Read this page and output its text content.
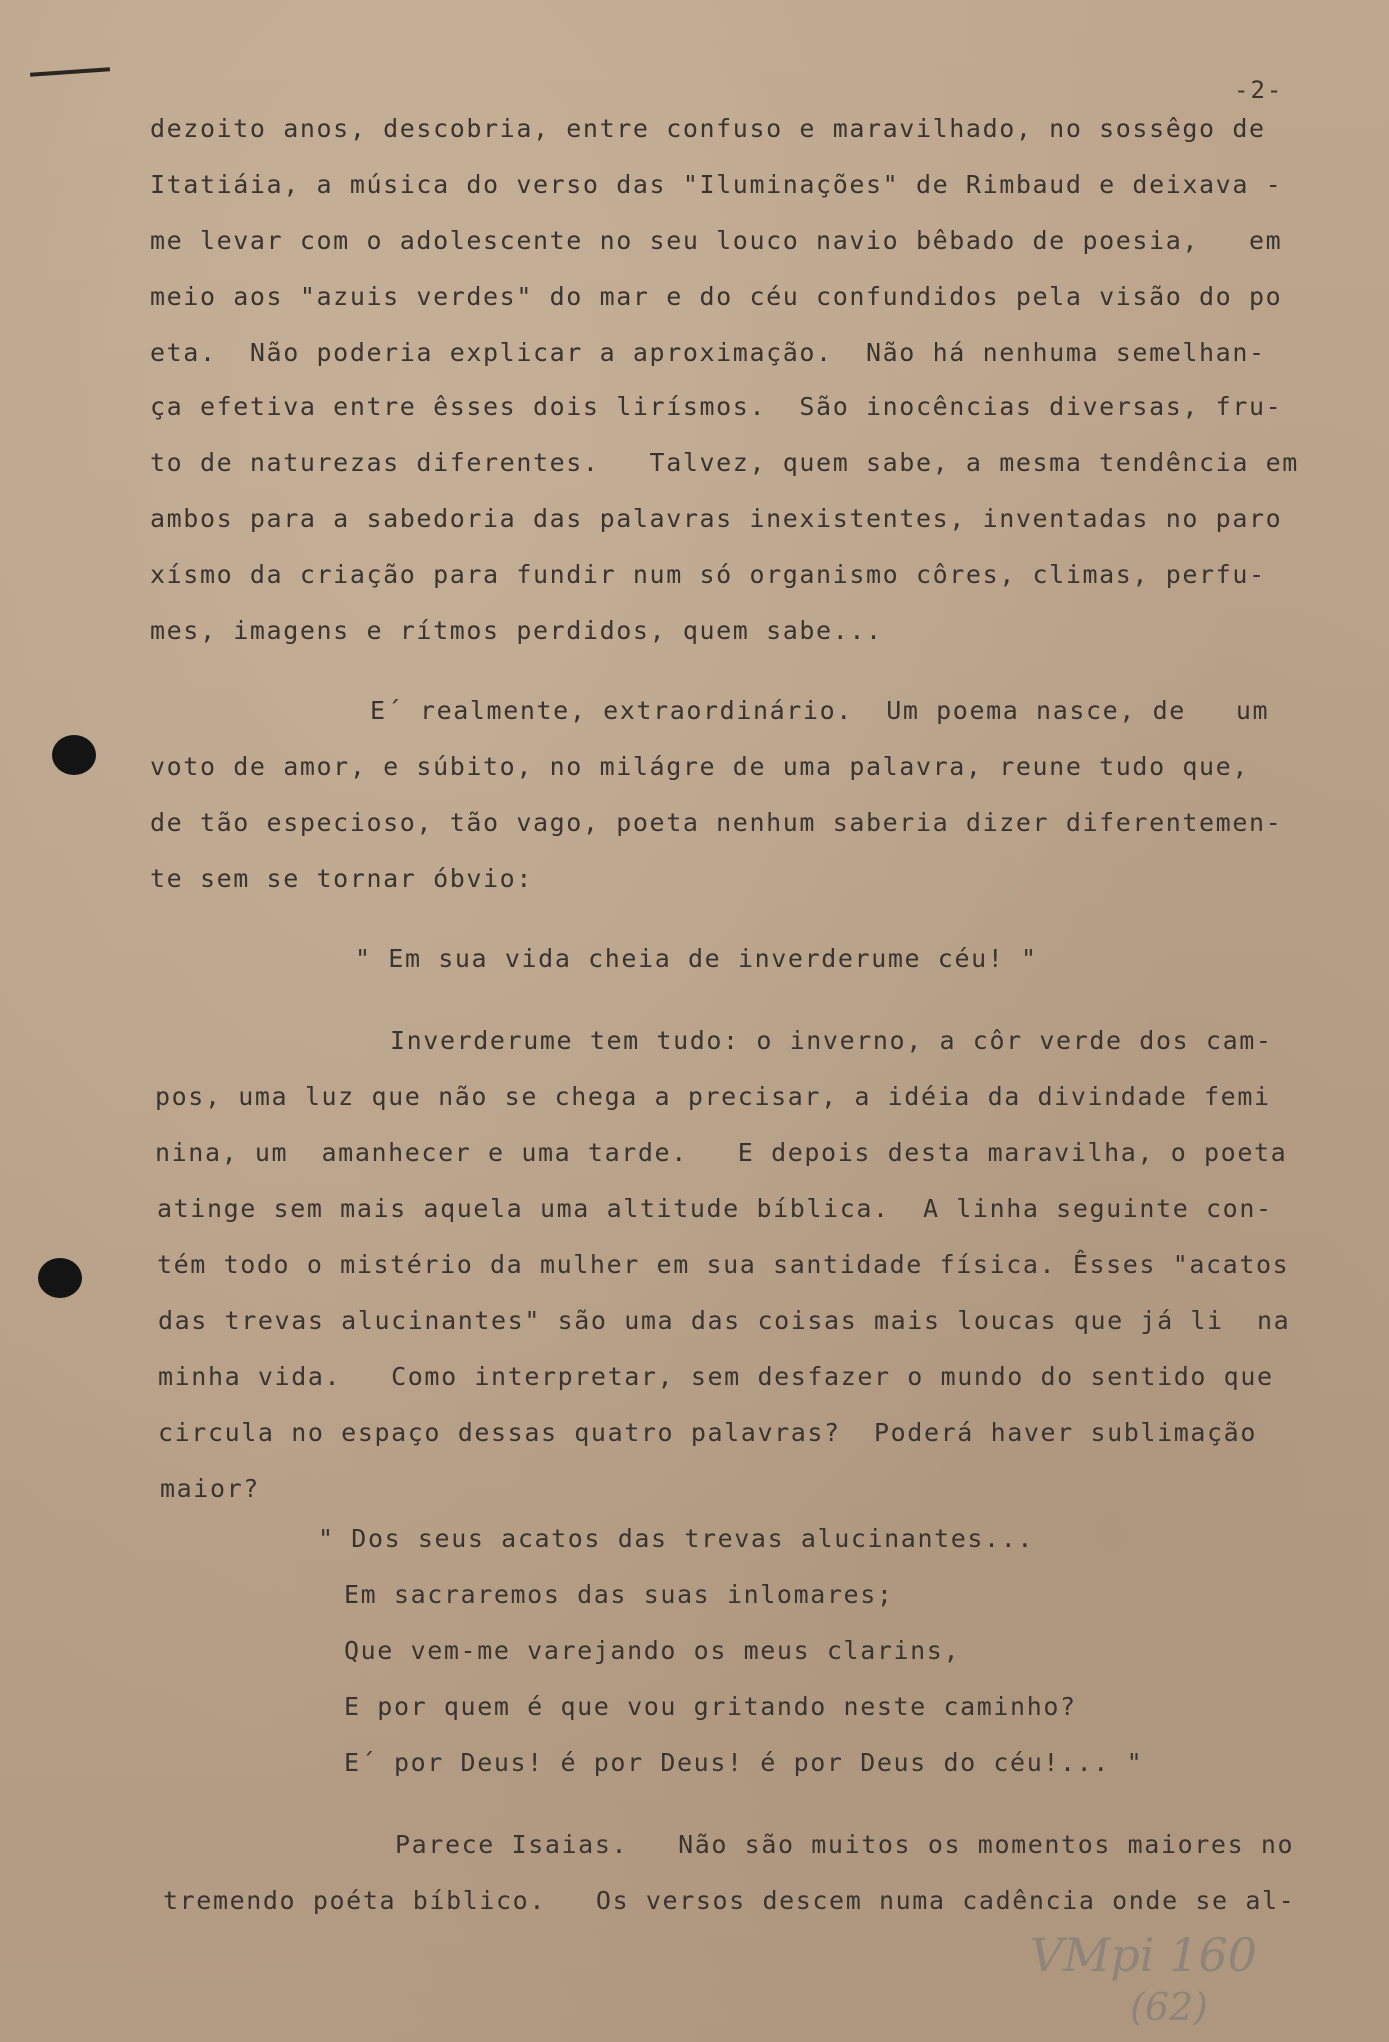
-2-
dezoito anos, descobria, entre confuso e maravilhado, no sossêgo de
Itatiáia, a música do verso das "Iluminações" de Rimbaud e deixava -
me levar com o adolescente no seu louco navio bêbado de poesia,   em
meio aos "azuis verdes" do mar e do céu confundidos pela visão do po
eta.  Não poderia explicar a aproximação.  Não há nenhuma semelhan-
ça efetiva entre êsses dois lirísmos.  São inocências diversas, fru-
to de naturezas diferentes.   Talvez, quem sabe, a mesma tendência em
ambos para a sabedoria das palavras inexistentes, inventadas no paro
xísmo da criação para fundir num só organismo côres, climas, perfu-
mes, imagens e rítmos perdidos, quem sabe...
E´ realmente, extraordinário.  Um poema nasce, de   um
voto de amor, e súbito, no milágre de uma palavra, reune tudo que,
de tão especioso, tão vago, poeta nenhum saberia dizer diferentemen-
te sem se tornar óbvio:
" Em sua vida cheia de inverderume céu! "
Inverderume tem tudo: o inverno, a côr verde dos cam-
pos, uma luz que não se chega a precisar, a idéia da divindade femi
nina, um  amanhecer e uma tarde.   E depois desta maravilha, o poeta
atinge sem mais aquela uma altitude bíblica.  A linha seguinte con-
tém todo o mistério da mulher em sua santidade física. Êsses "acatos
das trevas alucinantes" são uma das coisas mais loucas que já li  na
minha vida.   Como interpretar, sem desfazer o mundo do sentido que
circula no espaço dessas quatro palavras?  Poderá haver sublimação
maior?
" Dos seus acatos das trevas alucinantes...
Em sacraremos das suas inlomares;
Que vem-me varejando os meus clarins,
E por quem é que vou gritando neste caminho?
E´ por Deus! é por Deus! é por Deus do céu!... "
Parece Isaias.   Não são muitos os momentos maiores no
tremendo poéta bíblico.   Os versos descem numa cadência onde se al-
VMpi 160
(62)
